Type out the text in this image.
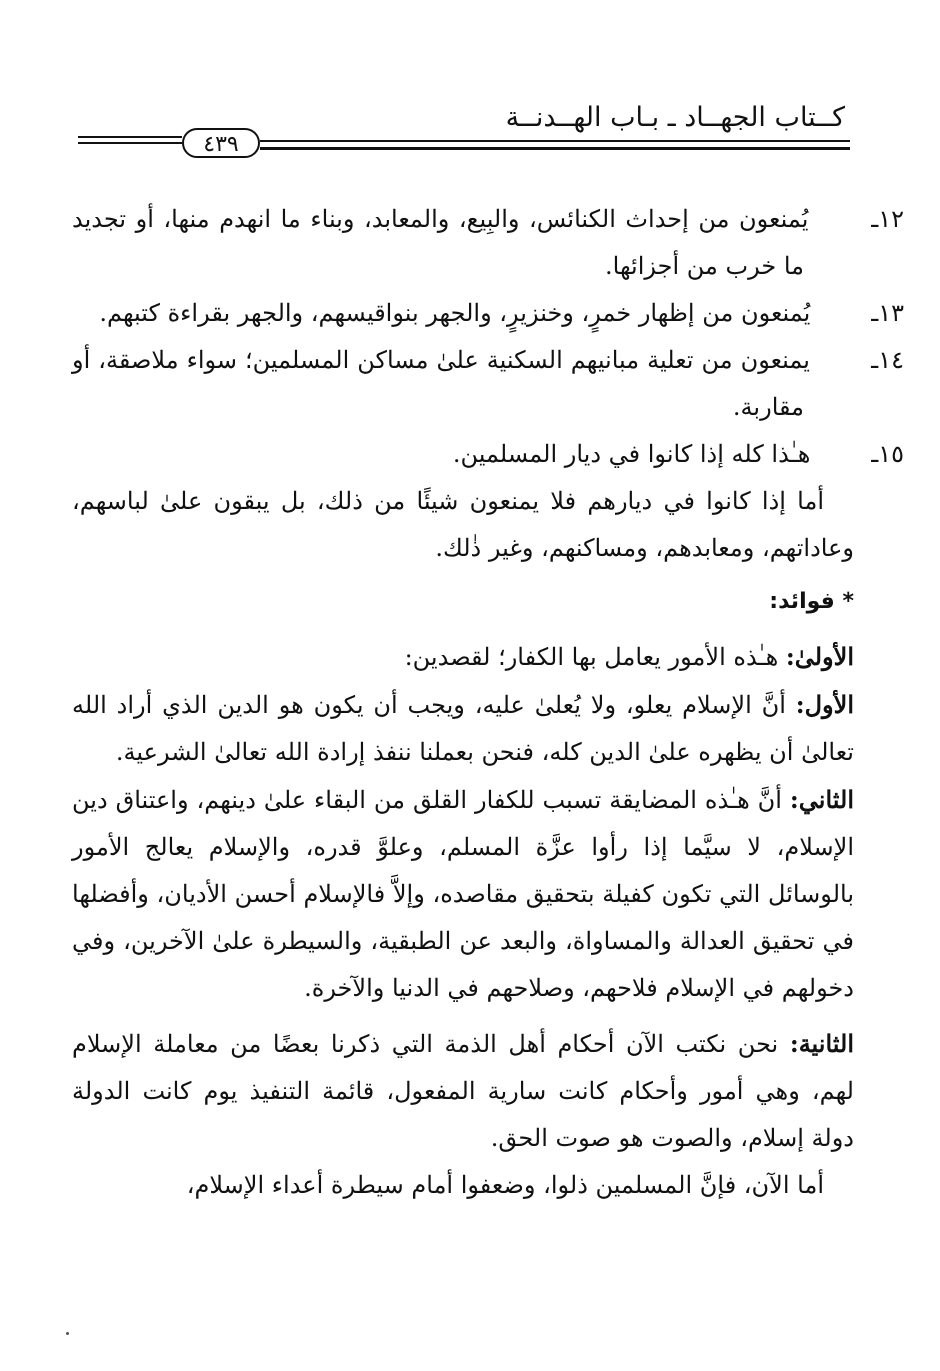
كــتاب الجهــاد ـ بـاب الهــدنــة
٤٣٩

١٢ـ يُمنعون من إحداث الكنائس، والبِيع، والمعابد، وبناء ما انهدم منها، أو تجديد ما خرب من أجزائها.

١٣ـ يُمنعون من إظهار خمرٍ، وخنزيرٍ، والجهر بنواقيسهم، والجهر بقراءة كتبهم.

١٤ـ يمنعون من تعلية مبانيهم السكنية علىٰ مساكن المسلمين؛ سواء ملاصقة، أو مقاربة.

١٥ـ هـٰذا كله إذا كانوا في ديار المسلمين.

أما إذا كانوا في ديارهم فلا يمنعون شيئًا من ذلك، بل يبقون علىٰ لباسهم، وعاداتهم، ومعابدهم، ومساكنهم، وغير ذٰلك.

* فوائد:

الأولىٰ: هـٰذه الأمور يعامل بها الكفار؛ لقصدين:

الأول: أنَّ الإسلام يعلو، ولا يُعلىٰ عليه، ويجب أن يكون هو الدين الذي أراد الله تعالىٰ أن يظهره علىٰ الدين كله، فنحن بعملنا ننفذ إرادة الله تعالىٰ الشرعية.

الثاني: أنَّ هـٰذه المضايقة تسبب للكفار القلق من البقاء علىٰ دينهم، واعتناق دين الإسلام، لا سيَّما إذا رأوا عزَّة المسلم، وعلوَّ قدره، والإسلام يعالج الأمور بالوسائل التي تكون كفيلة بتحقيق مقاصده، وإلاَّ فالإسلام أحسن الأديان، وأفضلها في تحقيق العدالة والمساواة، والبعد عن الطبقية، والسيطرة علىٰ الآخرين، وفي دخولهم في الإسلام فلاحهم، وصلاحهم في الدنيا والآخرة.

الثانية: نحن نكتب الآن أحكام أهل الذمة التي ذكرنا بعضًا من معاملة الإسلام لهم، وهي أمور وأحكام كانت سارية المفعول، قائمة التنفيذ يوم كانت الدولة دولة إسلام، والصوت هو صوت الحق.

أما الآن، فإنَّ المسلمين ذلوا، وضعفوا أمام سيطرة أعداء الإسلام،
